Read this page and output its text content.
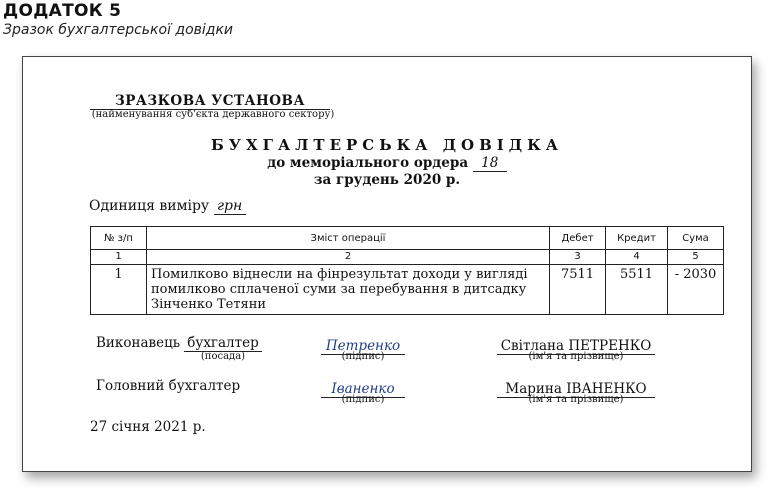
ДОДАТОК 5
Зразок бухгалтерської довідки
ЗРАЗКОВА УСТАНОВА
(найменування суб'єкта державного сектору)
БУХГАЛТЕРСЬКА ДОВІДКА
до меморіального ордера 18
за грудень 2020 р.
Одиниця виміру грн
№ з/п	Зміст операції	Дебет	Кредит	Сума
1	2	3	4	5
1	Помилково віднесли на фінрезультат доходи у вигляді помилково сплаченої суми за перебування в дитсадку Зінченко Тетяни	7511	5511	- 2030
Виконавець бухгалтер
(посада)
Петренко
(підпис)
Світлана ПЕТРЕНКО
(ім'я та прізвище)
Головний бухгалтер	Іваненко
(підпис)
Марина ІВАНЕНКО
(ім'я та прізвище)
27 січня 2021 р.
